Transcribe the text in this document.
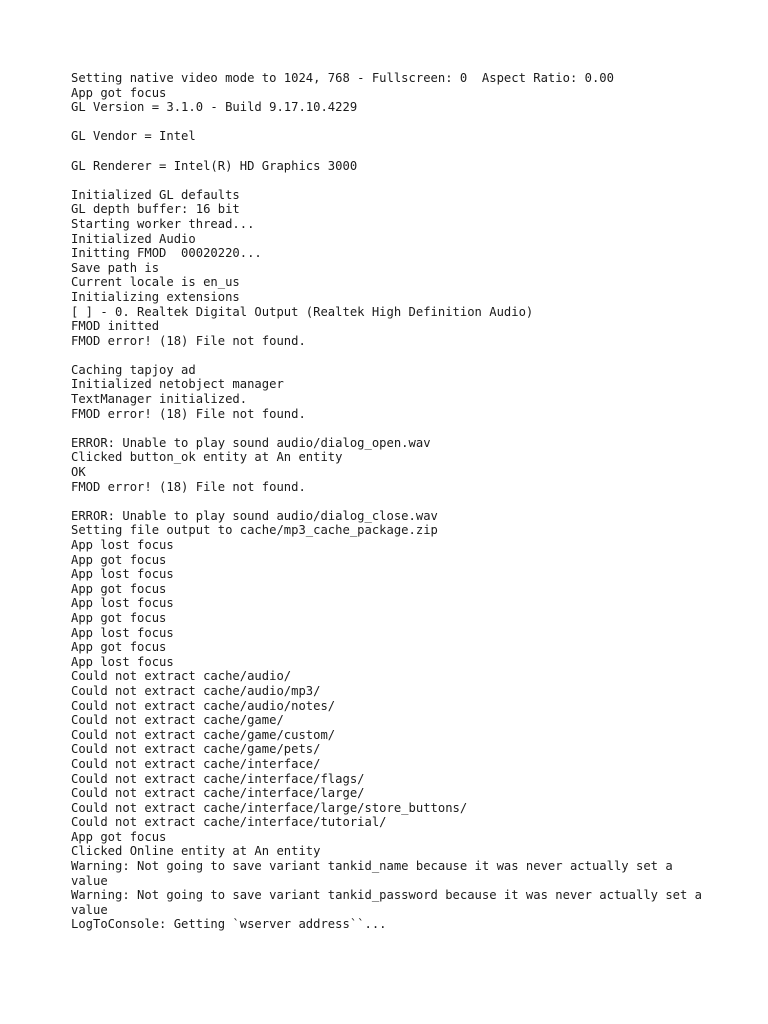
Setting native video mode to 1024, 768 - Fullscreen: 0  Aspect Ratio: 0.00
App got focus
GL Version = 3.1.0 - Build 9.17.10.4229
GL Vendor = Intel
GL Renderer = Intel(R) HD Graphics 3000
Initialized GL defaults
GL depth buffer: 16 bit
Starting worker thread...
Initialized Audio
Initting FMOD  00020220...
Save path is
Current locale is en_us
Initializing extensions
[ ] - 0. Realtek Digital Output (Realtek High Definition Audio)
FMOD initted
FMOD error! (18) File not found.
Caching tapjoy ad
Initialized netobject manager
TextManager initialized.
FMOD error! (18) File not found.
ERROR: Unable to play sound audio/dialog_open.wav
Clicked button_ok entity at An entity
OK
FMOD error! (18) File not found.
ERROR: Unable to play sound audio/dialog_close.wav
Setting file output to cache/mp3_cache_package.zip
App lost focus
App got focus
App lost focus
App got focus
App lost focus
App got focus
App lost focus
App got focus
App lost focus
Could not extract cache/audio/
Could not extract cache/audio/mp3/
Could not extract cache/audio/notes/
Could not extract cache/game/
Could not extract cache/game/custom/
Could not extract cache/game/pets/
Could not extract cache/interface/
Could not extract cache/interface/flags/
Could not extract cache/interface/large/
Could not extract cache/interface/large/store_buttons/
Could not extract cache/interface/tutorial/
App got focus
Clicked Online entity at An entity
Warning: Not going to save variant tankid_name because it was never actually set a value
Warning: Not going to save variant tankid_password because it was never actually set a value
LogToConsole: Getting `wserver address``...
